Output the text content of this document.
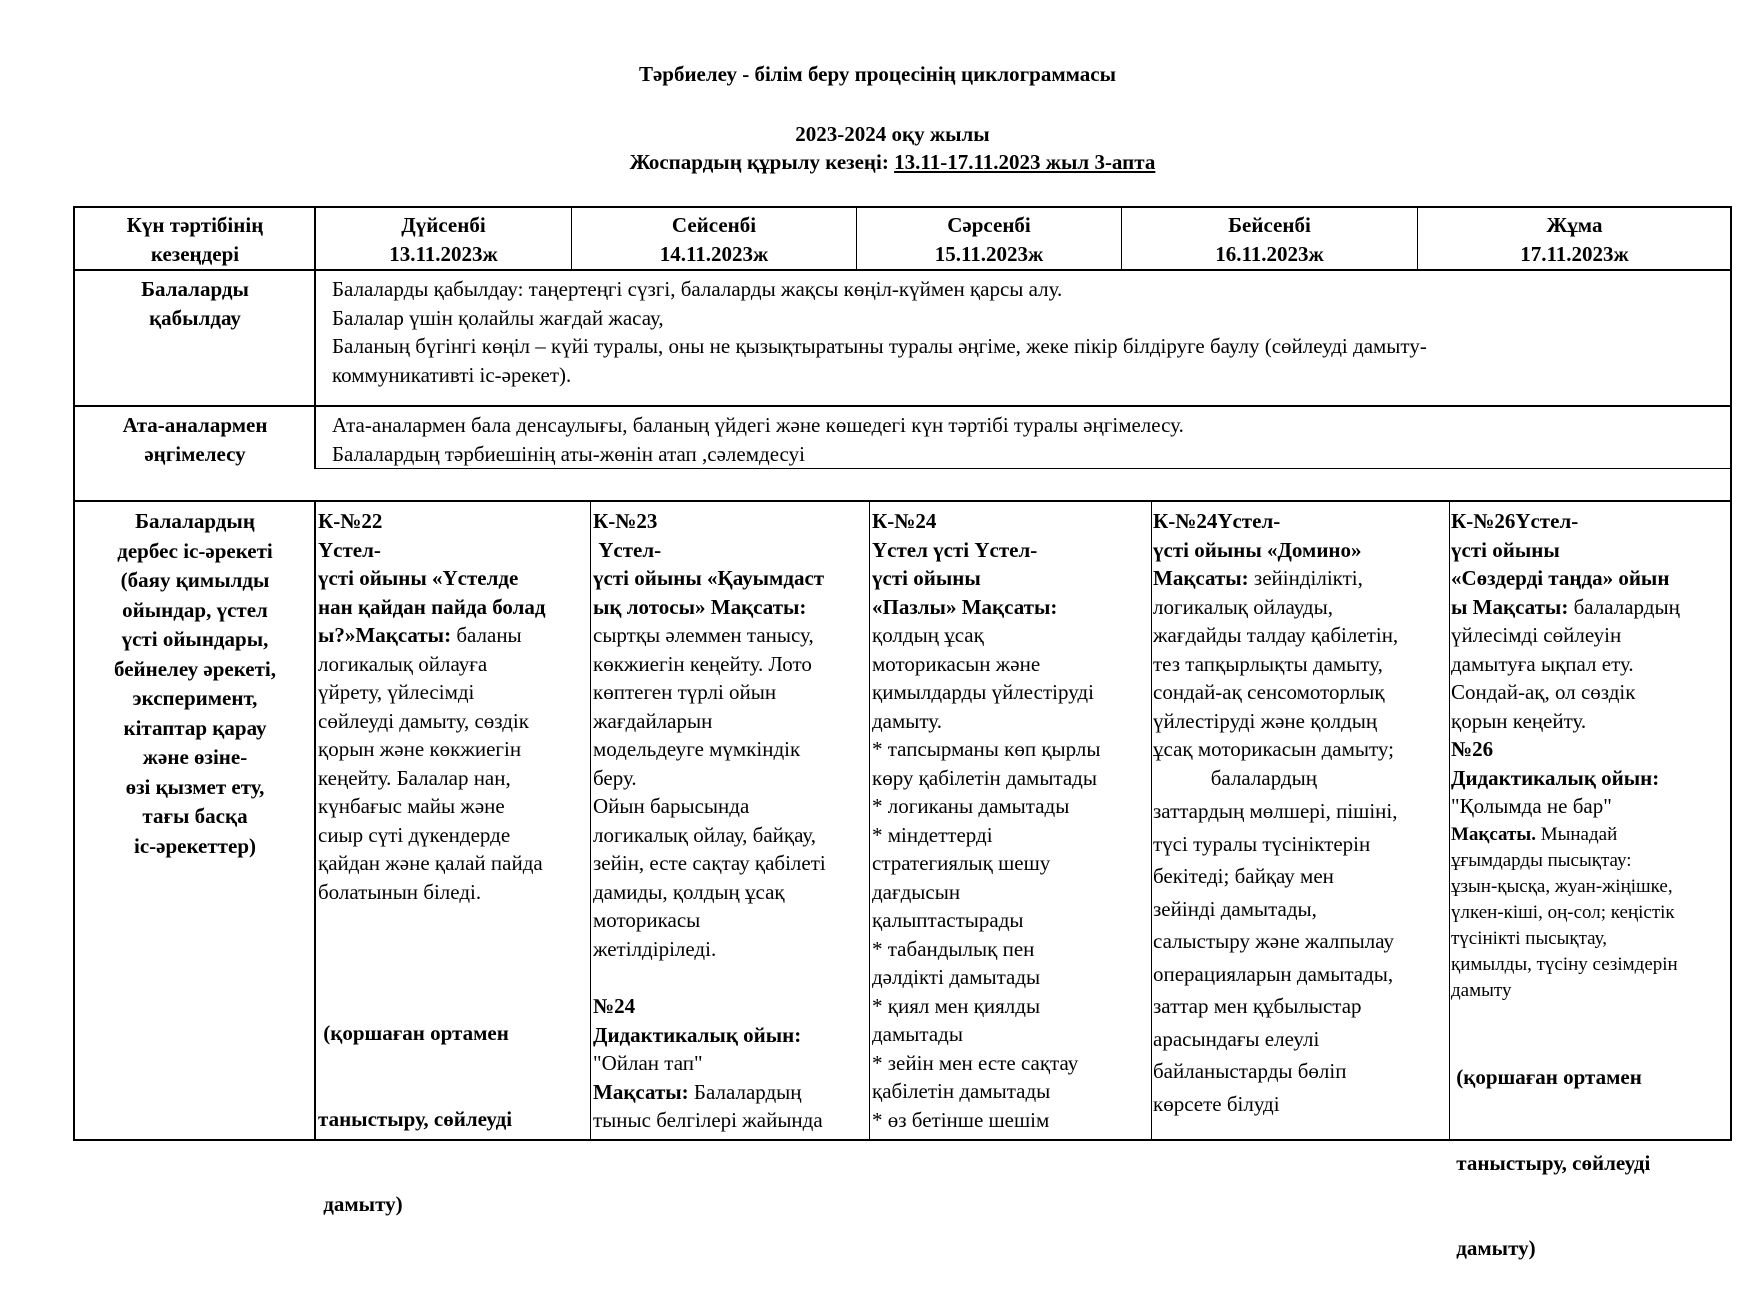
Тәрбиелеу - білім беру процесінің циклограммасы
2023-2024 оқу жылы
Жоспардың құрылу кезеңі: 13.11-17.11.2023 жыл 3-апта
Күн тәртібінің
кезеңдері
Дүйсенбі
13.11.2023ж
Сейсенбі
14.11.2023ж
Сәрсенбі
15.11.2023ж
Бейсенбі
16.11.2023ж
Жұма
17.11.2023ж
Балаларды
қабылдау
Балаларды қабылдау: таңертеңгі сүзгі, балаларды жақсы көңіл-күймен қарсы алу.
Балалар үшін қолайлы жағдай жасау,
Баланың бүгінгі көңіл – күйі туралы, оны не қызықтыратыны туралы әңгіме, жеке пікір білдіруге баулу (сөйлеуді дамыту-
коммуникативті іс-әрекет).
Ата-аналармен
әңгімелесу
Ата-аналармен бала денсаулығы, баланың үйдегі және көшедегі күн тәртібі туралы әңгімелесу.
Балалардың тәрбиешінің аты-жөнін атап ,сәлемдесуі
Балалардың
дербес іс-әрекеті
(баяу қимылды
ойындар, үстел
үсті ойындары,
бейнелеу әрекеті,
эксперимент,
кітаптар қарау
және өзіне-
өзі қызмет ету,
тағы басқа
іс-әрекеттер)
К-№22
Үстел-
үсті ойыны «Үстелде
нан қайдан пайда болад
ы?»Мақсаты: баланы
логикалық ойлауға
үйрету, үйлесімді
сөйлеуді дамыту, сөздік
қорын және көкжиегін
кеңейту. Балалар нан,
күнбағыс майы және
сиыр сүті дүкендерде
қайдан және қалай пайда
болатынын біледі.

(қоршаған ортамен

таныстыру, сөйлеуді

дамыту)

К-№23
Үстел-
үсті ойыны «Қауымдаст
ық лотосы» Мақсаты:
сыртқы әлеммен танысу,
көкжиегін кеңейту. Лото
көптеген түрлі ойын
жағдайларын
модельдеуге мүмкіндік
беру.
Ойын барысында
логикалық ойлау, байқау,
зейін, есте сақтау қабілеті
дамиды, қолдың ұсақ
моторикасы
жетілдіріледі.
№24
Дидактикалық ойын:
"Ойлан тап"
Мақсаты: Балалардың
тыныс белгілері жайында
К-№24
Үстел үсті Үстел-
үсті ойыны
«Пазлы» Мақсаты:
қолдың ұсақ
моторикасын және
қимылдарды үйлестіруді
дамыту.
* тапсырманы көп қырлы
көру қабілетін дамытады
* логиканы дамытады
* міндеттерді
стратегиялық шешу
дағдысын
қалыптастырады
* табандылық пен
дәлдікті дамытады
* қиял мен қиялды
дамытады
* зейін мен есте сақтау
қабілетін дамытады
* өз бетінше шешім
К-№24Үстел-
үсті ойыны «Домино»
Мақсаты: зейінділікті,
логикалық ойлауды,
жағдайды талдау қабілетін,
тез тапқырлықты дамыту,
сондай-ақ сенсомоторлық
үйлестіруді және қолдың
ұсақ моторикасын дамыту;
балалардың
заттардың мөлшері, пішіні,
түсі туралы түсініктерін
бекітеді; байқау мен
зейінді дамытады,
салыстыру және жалпылау
операцияларын дамытады,
заттар мен құбылыстар
арасындағы елеулі
байланыстарды бөліп
көрсете білуді
К-№26Үстел-
үсті ойыны
«Сөздерді таңда» ойын
ы Мақсаты: балалардың
үйлесімді сөйлеуін
дамытуға ықпал ету.
Сондай-ақ, ол сөздік
қорын кеңейту.
№26
Дидактикалық ойын:
"Қолымда не бар"
Мақсаты. Мынадай
ұғымдарды пысықтау:
ұзын-қысқа, жуан-жіңішке,
үлкен-кіші, оң-сол; кеңістік
түсінікті пысықтау,
қимылды, түсіну сезімдерін
дамыту

(қоршаған ортамен

таныстыру, сөйлеуді

дамыту)
